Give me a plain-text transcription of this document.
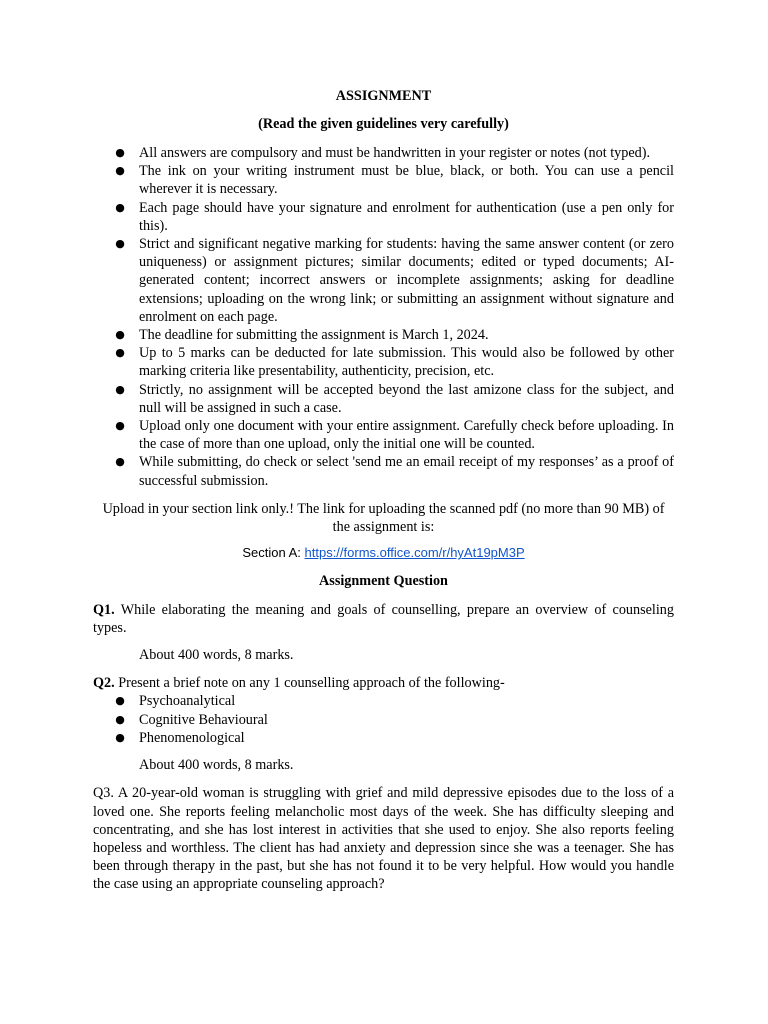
ASSIGNMENT

(Read the given guidelines very carefully)

● All answers are compulsory and must be handwritten in your register or notes (not typed).
● The ink on your writing instrument must be blue, black, or both. You can use a pencil wherever it is necessary.
● Each page should have your signature and enrolment for authentication (use a pen only for this).
● Strict and significant negative marking for students: having the same answer content (or zero uniqueness) or assignment pictures; similar documents; edited or typed documents; AI-generated content; incorrect answers or incomplete assignments; asking for deadline extensions; uploading on the wrong link; or submitting an assignment without signature and enrolment on each page.
● The deadline for submitting the assignment is March 1, 2024.
● Up to 5 marks can be deducted for late submission. This would also be followed by other marking criteria like presentability, authenticity, precision, etc.
● Strictly, no assignment will be accepted beyond the last amizone class for the subject, and null will be assigned in such a case.
● Upload only one document with your entire assignment. Carefully check before uploading. In the case of more than one upload, only the initial one will be counted.
● While submitting, do check or select 'send me an email receipt of my responses’ as a proof of successful submission.

Upload in your section link only.! The link for uploading the scanned pdf (no more than 90 MB) of the assignment is:

Section A: https://forms.office.com/r/hyAt19pM3P

Assignment Question

Q1. While elaborating the meaning and goals of counselling, prepare an overview of counseling types.

About 400 words, 8 marks.

Q2. Present a brief note on any 1 counselling approach of the following-

● Psychoanalytical
● Cognitive Behavioural
● Phenomenological

About 400 words, 8 marks.

Q3. A 20-year-old woman is struggling with grief and mild depressive episodes due to the loss of a loved one. She reports feeling melancholic most days of the week. She has difficulty sleeping and concentrating, and she has lost interest in activities that she used to enjoy. She also reports feeling hopeless and worthless. The client has had anxiety and depression since she was a teenager. She has been through therapy in the past, but she has not found it to be very helpful. How would you handle the case using an appropriate counseling approach?
